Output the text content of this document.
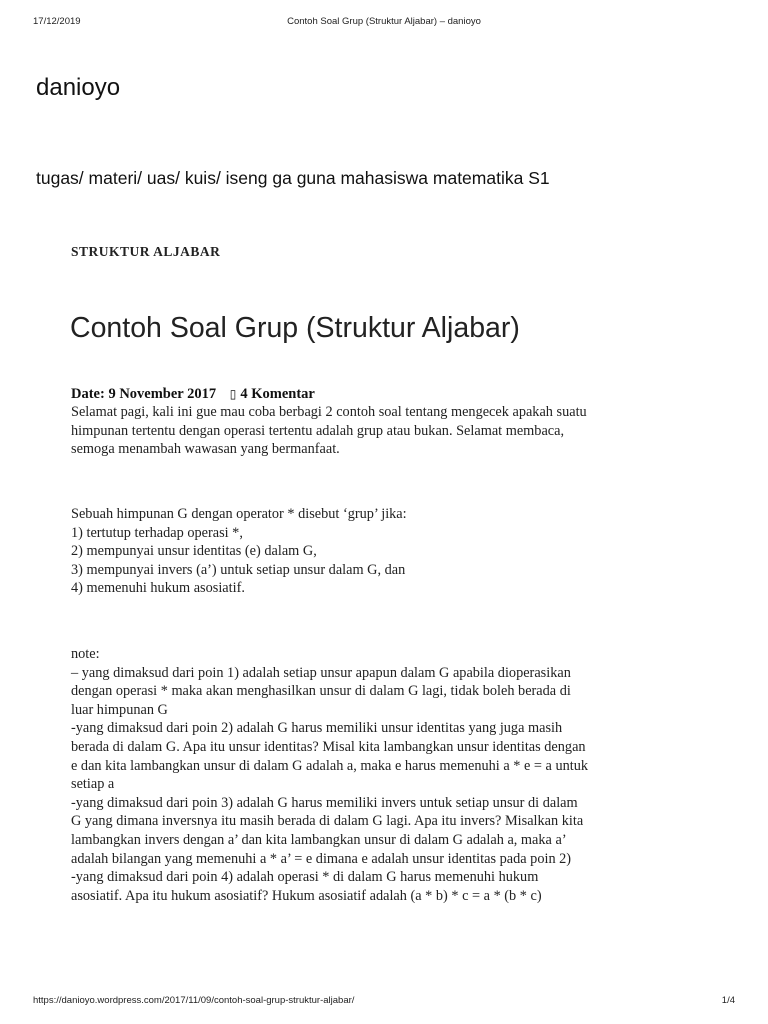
17/12/2019	Contoh Soal Grup (Struktur Aljabar) – danioyo
danioyo
tugas/ materi/ uas/ kuis/ iseng ga guna mahasiswa matematika S1
STRUKTUR ALJABAR
Contoh Soal Grup (Struktur Aljabar)
Date: 9 November 2017 ▯ 4 Komentar
Selamat pagi, kali ini gue mau coba berbagi 2 contoh soal tentang mengecek apakah suatu
himpunan tertentu dengan operasi tertentu adalah grup atau bukan. Selamat membaca,
semoga menambah wawasan yang bermanfaat.
Sebuah himpunan G dengan operator * disebut ‘grup’ jika:
1) tertutup terhadap operasi *,
2) mempunyai unsur identitas (e) dalam G,
3) mempunyai invers (a’) untuk setiap unsur dalam G, dan
4) memenuhi hukum asosiatif.
note:
– yang dimaksud dari poin 1) adalah setiap unsur apapun dalam G apabila dioperasikan
dengan operasi * maka akan menghasilkan unsur di dalam G lagi, tidak boleh berada di
luar himpunan G
-yang dimaksud dari poin 2) adalah G harus memiliki unsur identitas yang juga masih
berada di dalam G. Apa itu unsur identitas? Misal kita lambangkan unsur identitas dengan
e dan kita lambangkan unsur di dalam G adalah a, maka e harus memenuhi a * e = a untuk
setiap a
-yang dimaksud dari poin 3) adalah G harus memiliki invers untuk setiap unsur di dalam
G yang dimana inversnya itu masih berada di dalam G lagi. Apa itu invers? Misalkan kita
lambangkan invers dengan a’ dan kita lambangkan unsur di dalam G adalah a, maka a’
adalah bilangan yang memenuhi a * a’ = e dimana e adalah unsur identitas pada poin 2)
-yang dimaksud dari poin 4) adalah operasi * di dalam G harus memenuhi hukum
asosiatif. Apa itu hukum asosiatif? Hukum asosiatif adalah (a * b) * c = a * (b * c)
https://danioyo.wordpress.com/2017/11/09/contoh-soal-grup-struktur-aljabar/	1/4
